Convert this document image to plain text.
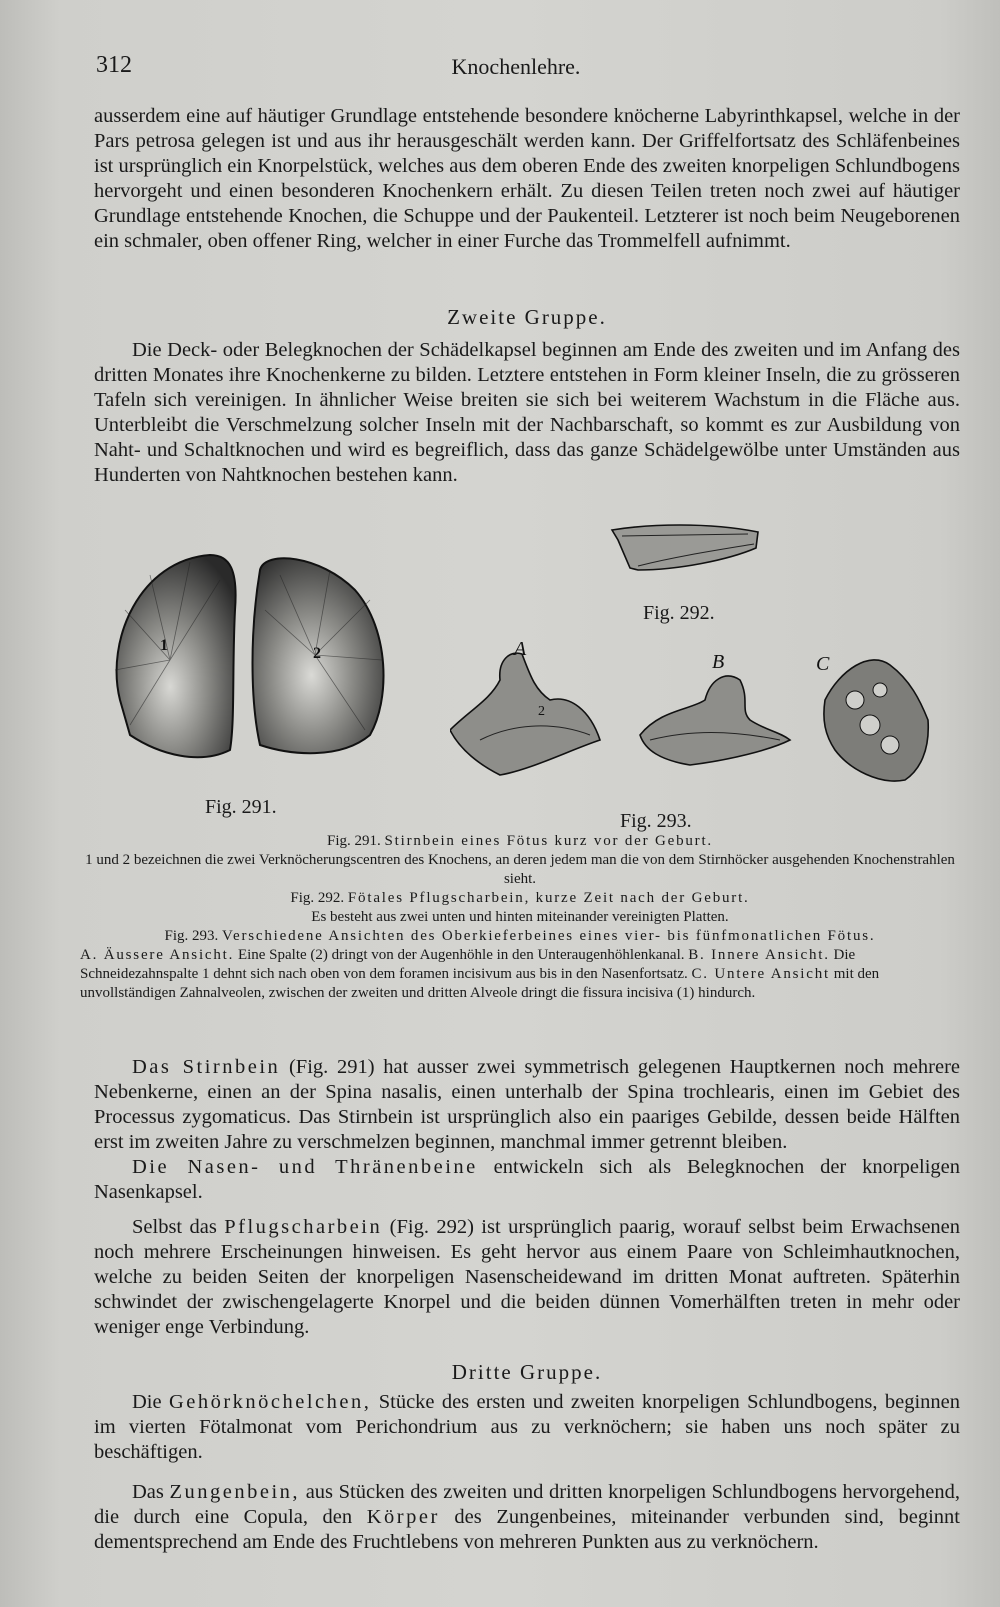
312	Knochenlehre.

ausserdem eine auf häutiger Grundlage entstehende besondere knöcherne Labyrinthkapsel, welche in der Pars petrosa gelegen ist und aus ihr herausgeschält werden kann. Der Griffelfortsatz des Schläfenbeines ist ursprünglich ein Knorpelstück, welches aus dem oberen Ende des zweiten knorpeligen Schlundbogens hervorgeht und einen besonderen Knochenkern erhält. Zu diesen Teilen treten noch zwei auf häutiger Grundlage entstehende Knochen, die Schuppe und der Paukenteil. Letzterer ist noch beim Neugeborenen ein schmaler, oben offener Ring, welcher in einer Furche das Trommelfell aufnimmt.

Zweite Gruppe.

Die Deck- oder Belegknochen der Schädelkapsel beginnen am Ende des zweiten und im Anfang des dritten Monates ihre Knochenkerne zu bilden. Letztere entstehen in Form kleiner Inseln, die zu grösseren Tafeln sich vereinigen. In ähnlicher Weise breiten sie sich bei weiterem Wachstum in die Fläche aus. Unterbleibt die Verschmelzung solcher Inseln mit der Nachbarschaft, so kommt es zur Ausbildung von Naht- und Schaltknochen und wird es begreiflich, dass das ganze Schädelgewölbe unter Umständen aus Hunderten von Nahtknochen bestehen kann.

1	2
Fig. 291.
Fig. 292.
A
2
B	C
Fig. 293.

Fig. 291. Stirnbein eines Fötus kurz vor der Geburt.

1 und 2 bezeichnen die zwei Verknöcherungscentren des Knochens, an deren jedem man die von dem Stirnhöcker ausgehenden Knochenstrahlen sieht.

Fig. 292. Fötales Pflugscharbein, kurze Zeit nach der Geburt.

Es besteht aus zwei unten und hinten miteinander vereinigten Platten.

Fig. 293. Verschiedene Ansichten des Oberkieferbeines eines vier- bis fünfmonatlichen Fötus.

A. Äussere Ansicht. Eine Spalte (2) dringt von der Augenhöhle in den Unteraugenhöhlenkanal. B. Innere Ansicht. Die Schneidezahnspalte 1 dehnt sich nach oben von dem foramen incisivum aus bis in den Nasenfortsatz. C. Untere Ansicht mit den unvollständigen Zahnalveolen, zwischen der zweiten und dritten Alveole dringt die fissura incisiva (1) hindurch.

Das Stirnbein (Fig. 291) hat ausser zwei symmetrisch gelegenen Hauptkernen noch mehrere Nebenkerne, einen an der Spina nasalis, einen unterhalb der Spina trochlearis, einen im Gebiet des Processus zygomaticus. Das Stirnbein ist ursprünglich also ein paariges Gebilde, dessen beide Hälften erst im zweiten Jahre zu verschmelzen beginnen, manchmal immer getrennt bleiben.

Die Nasen- und Thränenbeine entwickeln sich als Belegknochen der knorpeligen Nasenkapsel.

Selbst das Pflugscharbein (Fig. 292) ist ursprünglich paarig, worauf selbst beim Erwachsenen noch mehrere Erscheinungen hinweisen. Es geht hervor aus einem Paare von Schleimhautknochen, welche zu beiden Seiten der knorpeligen Nasenscheidewand im dritten Monat auftreten. Späterhin schwindet der zwischengelagerte Knorpel und die beiden dünnen Vomerhälften treten in mehr oder weniger enge Verbindung.

Dritte Gruppe.

Die Gehörknöchelchen, Stücke des ersten und zweiten knorpeligen Schlundbogens, beginnen im vierten Fötalmonat vom Perichondrium aus zu verknöchern; sie haben uns noch später zu beschäftigen.

Das Zungenbein, aus Stücken des zweiten und dritten knorpeligen Schlundbogens hervorgehend, die durch eine Copula, den Körper des Zungenbeines, miteinander verbunden sind, beginnt dementsprechend am Ende des Fruchtlebens von mehreren Punkten aus zu verknöchern.
